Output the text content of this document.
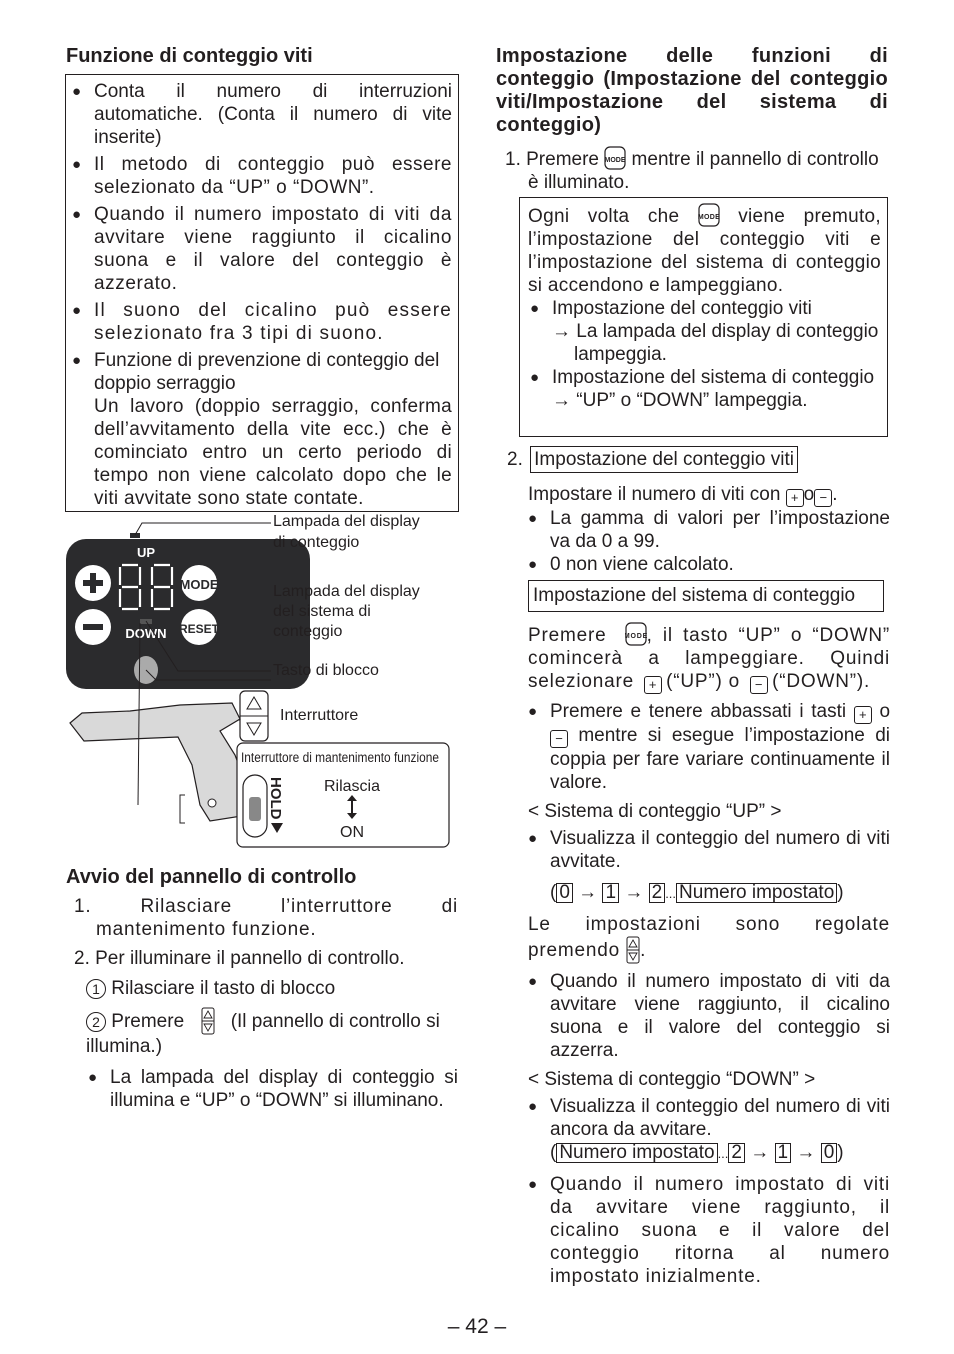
Funzione di conteggio viti

● Conta il numero di interruzioni automatiche. (Conta il numero di vite inserite)

● Il metodo di conteggio può essere selezionato da “UP” o “DOWN”.

● Quando il numero impostato di viti da avvitare viene raggiunto il cicalino suona e il valore del conteggio è azzerato.

● Il suono del cicalino può essere selezionato fra 3 tipi di suono.

● Funzione di prevenzione di conteggio del doppio serraggio

Un lavoro (doppio serraggio, conferma dell’avvitamento della vite ecc.) che è cominciato entro un certo periodo di tempo non viene calcolato dopo che le viti avvitate sono state contate.

UP
DOWN
MODE
RESET
Lampada del display di conteggio Lampada del display del sistema di conteggio
Tasto di blocco
Interruttore
Interruttore di mantenimento funzione
HOLD Rilascia
ON
Avvio del pannello di controllo

1. Rilasciare l’interruttore di mantenimento funzione.

2. Per illuminare il pannello di controllo.

1 Rilasciare il tasto di blocco

2 Premere (Il pannello di controllo si illumina.)

● La lampada del display di conteggio si illumina e “UP” o “DOWN” si illuminano.

Impostazione delle funzioni di conteggio (Impostazione del conteggio viti/Impostazione del sistema di conteggio)

1. Premere mentre il pannello di controllo è illuminato.

Ogni volta che	viene premuto, l’impostazione del conteggio viti e l’impostazione del sistema di conteggio si accendono e lampeggiano.

● Impostazione del conteggio viti

→ La lampada del display di conteggio lampeggia.

● Impostazione del sistema di conteggio

→ “UP” o “DOWN” lampeggia.

2. Impostazione del conteggio viti

Impostare il numero di viti con + o − .

● La gamma di valori per l’impostazione va da 0 a 99.

● 0 non viene calcolato.

Impostazione del sistema di conteggio

Premere , il tasto “UP” o “DOWN” comincerà a lampeggiare. Quindi selezionare + (“UP”) o − (“DOWN”).

● Premere e tenere abbassati i tasti + o − mentre si esegue l’impostazione di coppia per fare variare continuamente il valore.

< Sistema di conteggio “UP” >

● Visualizza il conteggio del numero di viti avvitate.

( 0 → 1 → 2 ... Numero impostato )

Le impostazioni sono regolate premendo .

● Quando il numero impostato di viti da avvitare viene raggiunto, il cicalino suona e il valore del conteggio si azzerra.

< Sistema di conteggio “DOWN” >

● Visualizza il conteggio del numero di viti ancora da avvitare.

( Numero impostato ... 2 → 1 → 0 )

● Quando il numero impostato di viti da avvitare viene raggiunto, il cicalino suona e il valore del conteggio ritorna al numero impostato inizialmente.

– 42 –
